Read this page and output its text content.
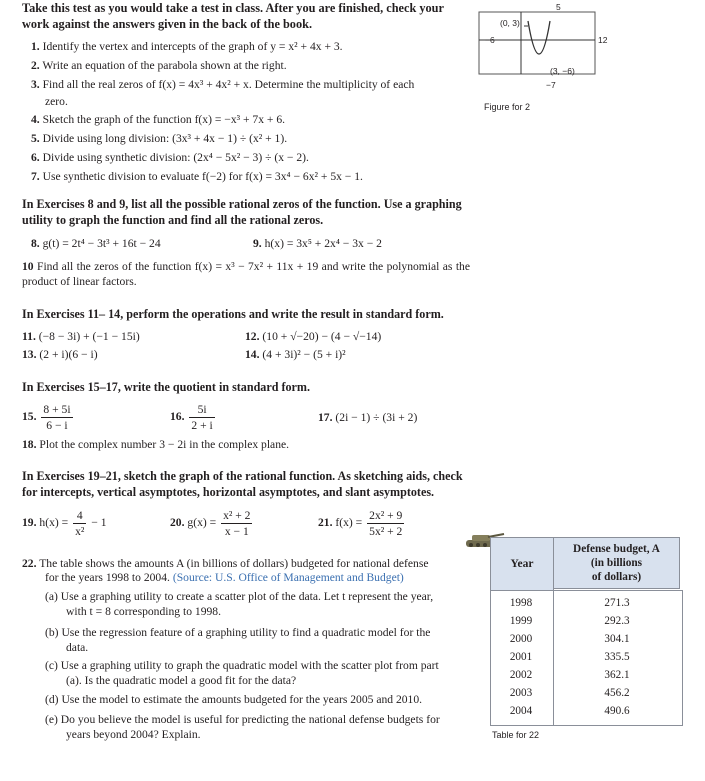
Take this test as you would take a test in class. After you are finished, check your work against the answers given in the back of the book.
1. Identify the vertex and intercepts of the graph of y = x² + 4x + 3.
2. Write an equation of the parabola shown at the right.
3. Find all the real zeros of f(x) = 4x³ + 4x² + x. Determine the multiplicity of each
zero.
4. Sketch the graph of the function f(x) = −x³ + 7x + 6.
5. Divide using long division: (3x³ + 4x − 1) ÷ (x² + 1).
6. Divide using synthetic division: (2x⁴ − 5x² − 3) ÷ (x − 2).
7. Use synthetic division to evaluate f(−2) for f(x) = 3x⁴ − 6x² + 5x − 1.
In Exercises 8 and 9, list all the possible rational zeros of the function. Use a graphing utility to graph the function and find all the rational zeros.
8. g(t) = 2t⁴ − 3t³ + 16t − 24	9. h(x) = 3x⁵ + 2x⁴ − 3x − 2
10 Find all the zeros of the function f(x) = x³ − 7x² + 11x + 19 and write the polynomial as the product of linear factors.
In Exercises 11– 14, perform the operations and write the result in standard form.
11. (−8 − 3i) + (−1 − 15i)	12. (10 + √−20) − (4 − √−14)
13. (2 + i)(6 − i)	14. (4 + 3i)² − (5 + i)²
In Exercises 15–17, write the quotient in standard form.
15. $\frac{8 + 5i}{6 - i}$	16. $\frac{5i}{2 + i}$	17. (2i − 1) ÷ (3i + 2)
18. Plot the complex number 3 − 2i in the complex plane.
In Exercises 19–21, sketch the graph of the rational function. As sketching aids, check for intercepts, vertical asymptotes, horizontal asymptotes, and slant asymptotes.
19. $h(x) = \frac{4}{\text{x²}} - 1$	20. $g(x) = \frac{\text{x² + 2}}{x - 1}$	21. $f(x) = \frac{\text{2x² + 9}}{\text{5x² + 2}}$
22. The table shows the amounts A (in billions of dollars) budgeted for national defense
for the years 1998 to 2004. (Source: U.S. Office of Management and Budget)
(a) Use a graphing utility to create a scatter plot of the data. Let t represent the year,
with t = 8 corresponding to 1998.
(b) Use the regression feature of a graphing utility to find a quadratic model for the
data.
(c) Use a graphing utility to graph the quadratic model with the scatter plot from part
(a). Is the quadratic model a good fit for the data?
(d) Use the model to estimate the amounts budgeted for the years 2005 and 2010.
(e) Do you believe the model is useful for predicting the national defense budgets for
years beyond 2004? Explain.
5
−6	12
−7
(0, 3)
(3, −6)
Figure for 2
Year
Defense budget, A
(in billions
of dollars)
1998	271.3
1999	292.3
2000	304.1
2001	335.5
2002	362.1
2003	456.2
2004	490.6
Table for 22
